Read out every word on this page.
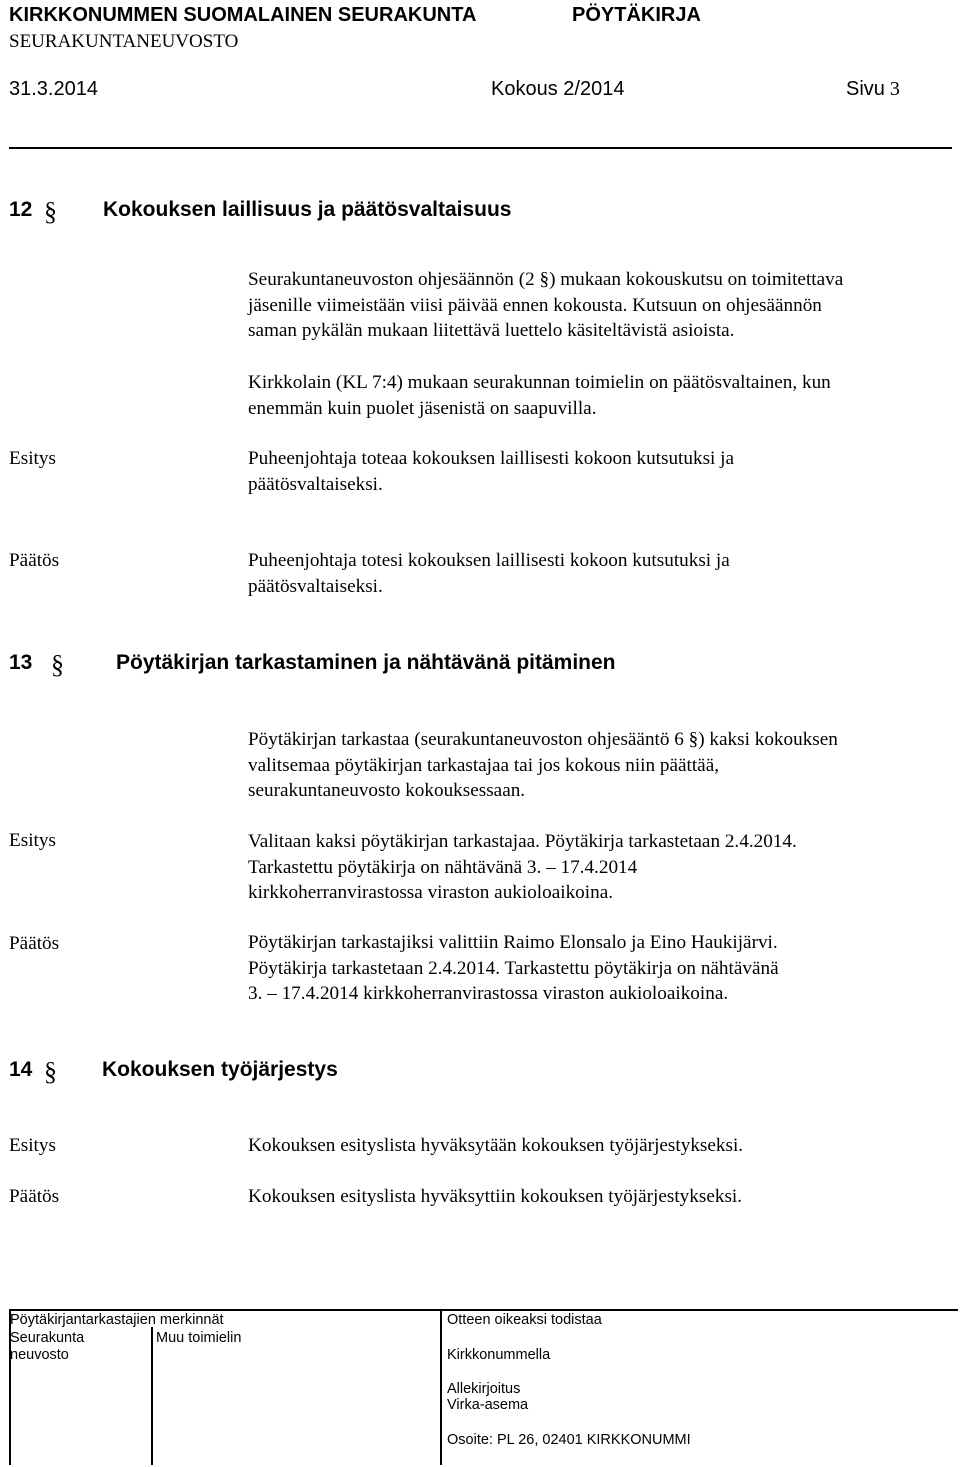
KIRKKONUMMEN SUOMALAINEN SEURAKUNTA	PÖYTÄKIRJA
SEURAKUNTANEUVOSTO
31.3.2014	Kokous 2/2014	Sivu 3
12 § Kokouksen laillisuus ja päätösvaltaisuus
Seurakuntaneuvoston ohjesäännön (2 §) mukaan kokouskutsu on toimitettava
jäsenille viimeistään viisi päivää ennen kokousta. Kutsuun on ohjesäännön
saman pykälän mukaan liitettävä luettelo käsiteltävistä asioista.
Kirkkolain (KL 7:4) mukaan seurakunnan toimielin on päätösvaltainen, kun
enemmän kuin puolet jäsenistä on saapuvilla.
Esitys	Puheenjohtaja toteaa kokouksen laillisesti kokoon kutsutuksi ja
päätösvaltaiseksi.
Päätös	Puheenjohtaja totesi kokouksen laillisesti kokoon kutsutuksi ja
päätösvaltaiseksi.
13 § Pöytäkirjan tarkastaminen ja nähtävänä pitäminen
Pöytäkirjan tarkastaa (seurakuntaneuvoston ohjesääntö 6 §) kaksi kokouksen
valitsemaa pöytäkirjan tarkastajaa tai jos kokous niin päättää,
seurakuntaneuvosto kokouksessaan.
Esitys	Valitaan kaksi pöytäkirjan tarkastajaa. Pöytäkirja tarkastetaan 2.4.2014.
Tarkastettu pöytäkirja on nähtävänä 3. – 17.4.2014
kirkkoherranvirastossa viraston aukioloaikoina.
Päätös	Pöytäkirjan tarkastajiksi valittiin Raimo Elonsalo ja Eino Haukijärvi.
Pöytäkirja tarkastetaan 2.4.2014. Tarkastettu pöytäkirja on nähtävänä
3. – 17.4.2014 kirkkoherranvirastossa viraston aukioloaikoina.
14 § Kokouksen työjärjestys
Esitys	Kokouksen esityslista hyväksytään kokouksen työjärjestykseksi.
Päätös	Kokouksen esityslista hyväksyttiin kokouksen työjärjestykseksi.
Pöytäkirjantarkastajien merkinnät
Seurakunta
neuvosto
Muu toimielin
Otteen oikeaksi todistaa
Kirkkonummella
Allekirjoitus
Virka-asema
Osoite: PL 26, 02401 KIRKKONUMMI
